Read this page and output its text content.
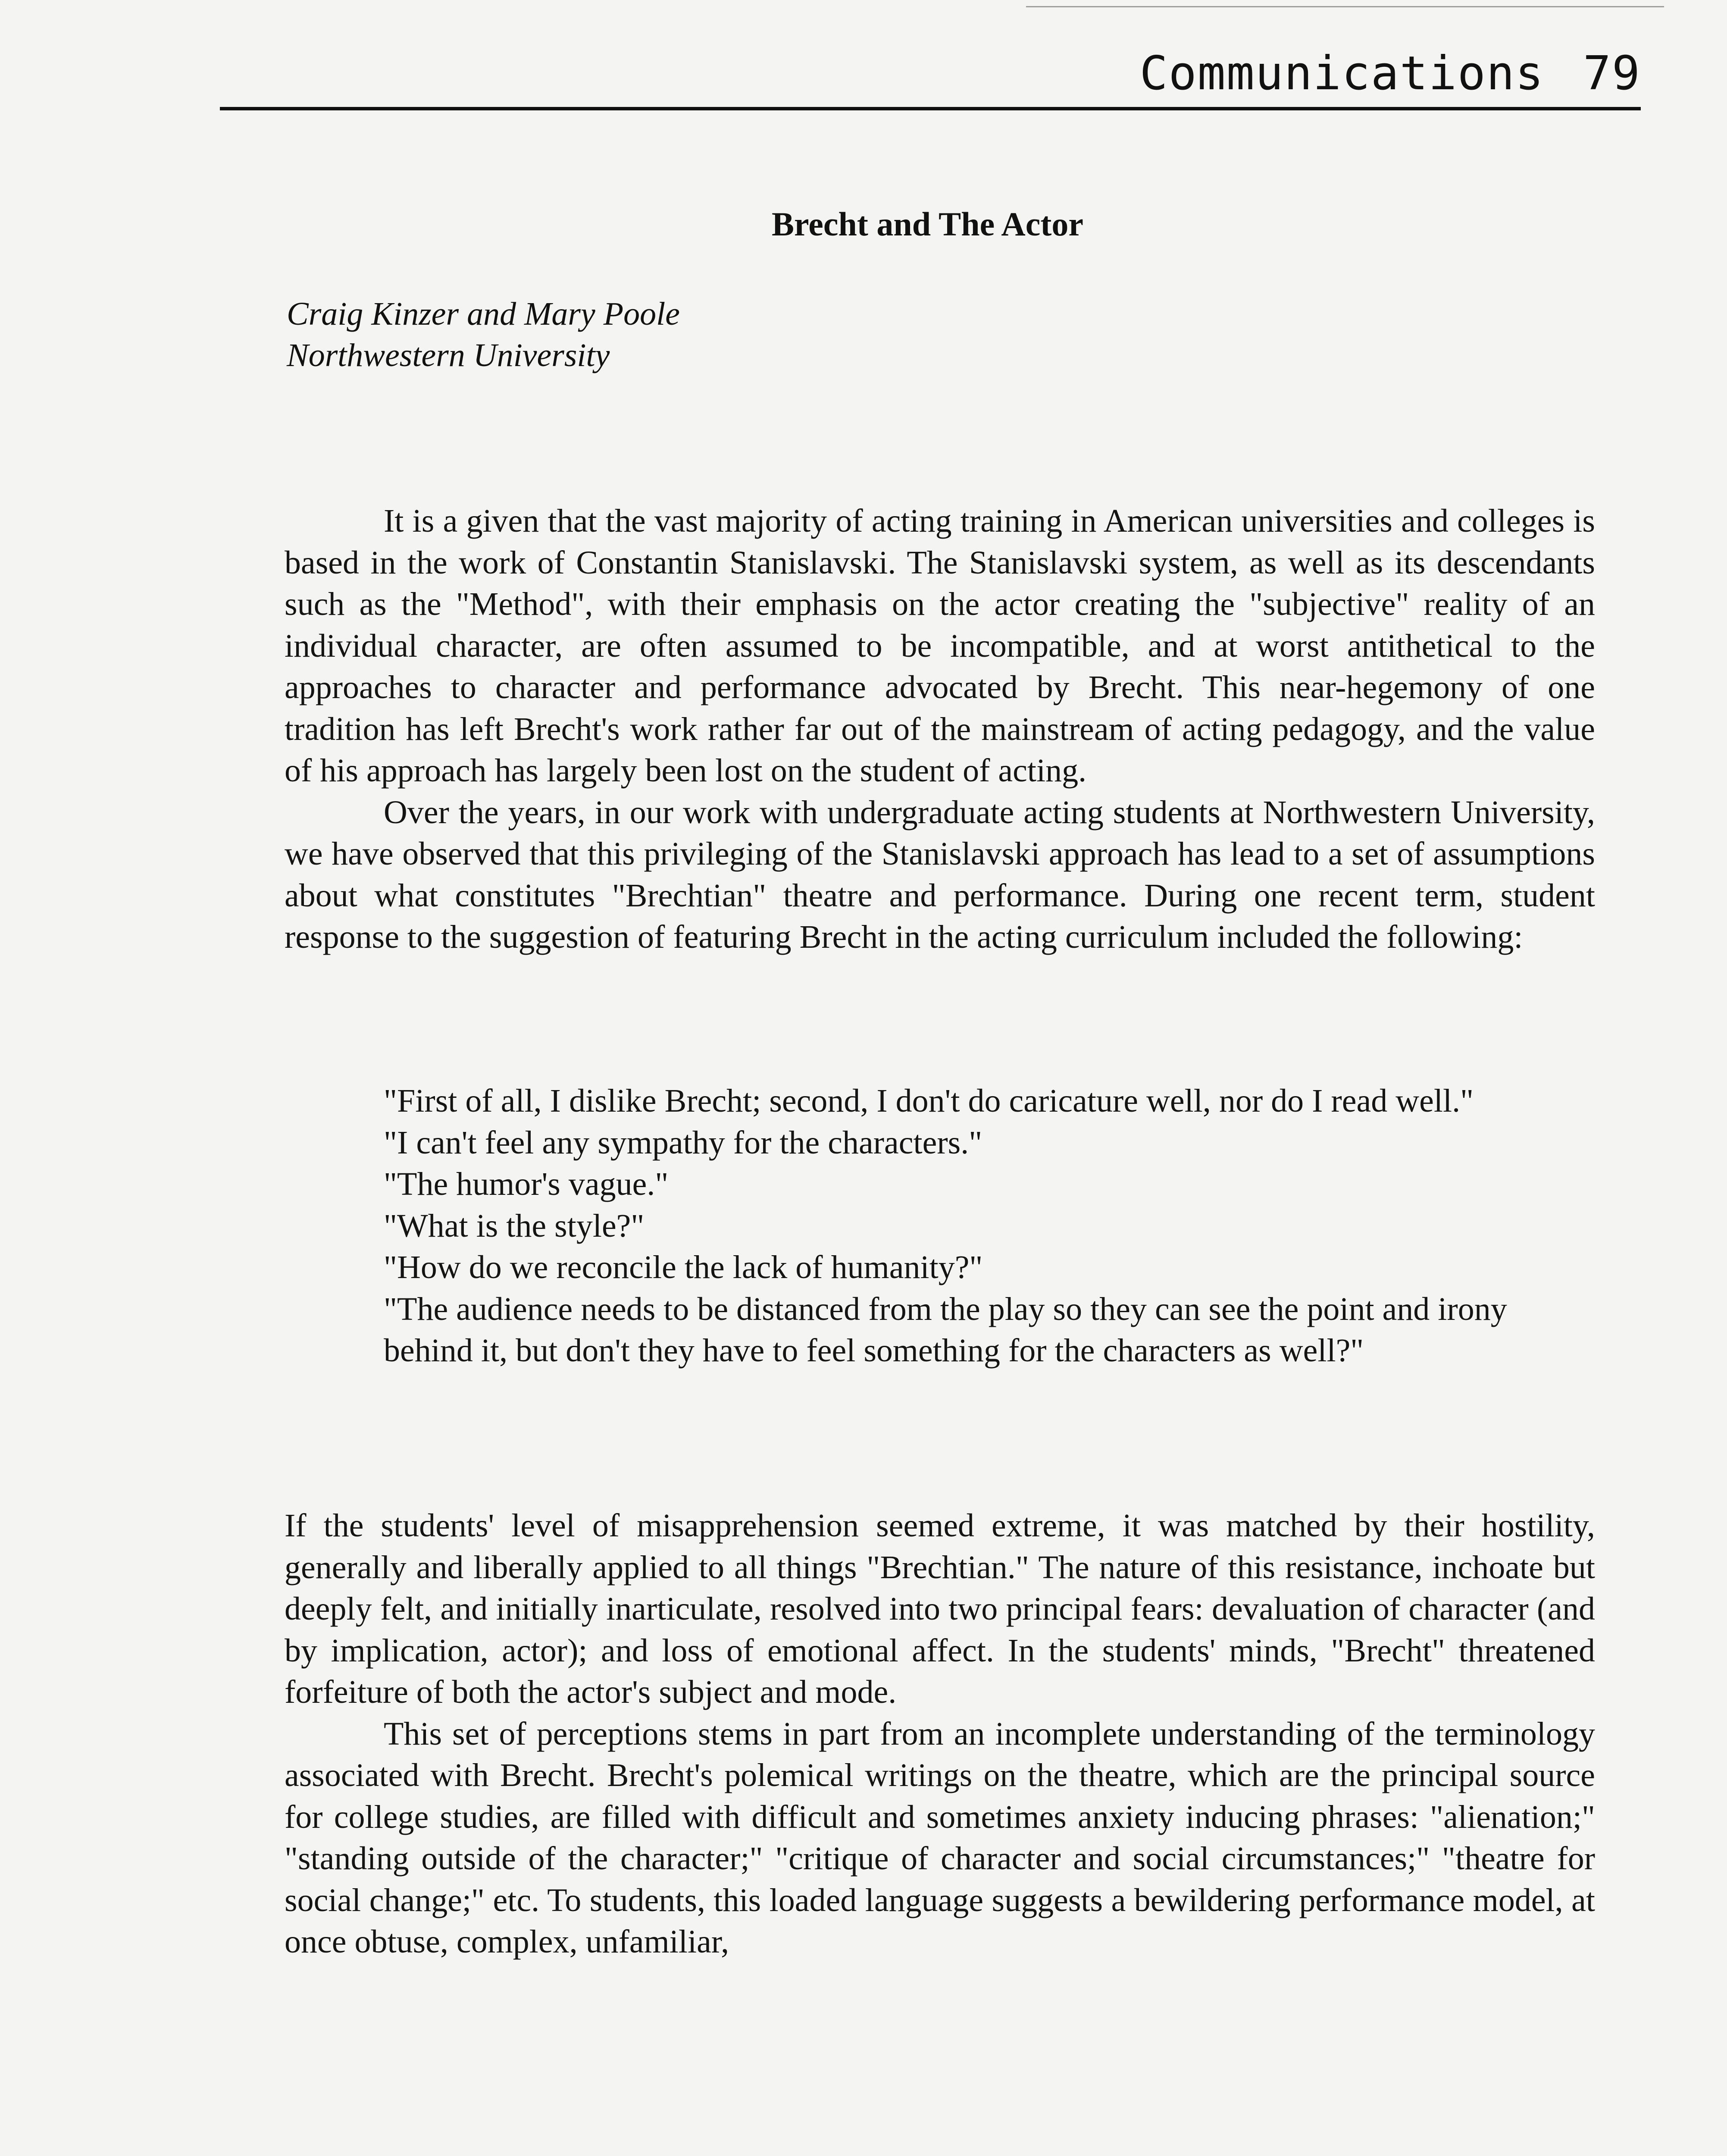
Communications 79
Brecht and The Actor
Craig Kinzer and Mary Poole
Northwestern University

It is a given that the vast majority of acting training in American universities and colleges is based in the work of Constantin Stanislavski. The Stanislavski system, as well as its descendants such as the "Method", with their emphasis on the actor creating the "subjective" reality of an individual character, are often assumed to be incompatible, and at worst antithetical to the approaches to character and performance advocated by Brecht. This near-hegemony of one tradition has left Brecht's work rather far out of the mainstream of acting pedagogy, and the value of his approach has largely been lost on the student of acting.

Over the years, in our work with undergraduate acting students at Northwestern University, we have observed that this privileging of the Stanislavski approach has lead to a set of assumptions about what constitutes "Brechtian" theatre and performance. During one recent term, student response to the suggestion of featuring Brecht in the acting curriculum included the following:

"First of all, I dislike Brecht; second, I don't do caricature well, nor do I read well."
"I can't feel any sympathy for the characters."
"The humor's vague."
"What is the style?"
"How do we reconcile the lack of humanity?"
"The audience needs to be distanced from the play so they can see the point and irony behind it, but don't they have to feel something for the characters as well?"

If the students' level of misapprehension seemed extreme, it was matched by their hostility, generally and liberally applied to all things "Brechtian." The nature of this resistance, inchoate but deeply felt, and initially inarticulate, resolved into two principal fears: devaluation of character (and by implication, actor); and loss of emotional affect. In the students' minds, "Brecht" threatened forfeiture of both the actor's subject and mode.

This set of perceptions stems in part from an incomplete understanding of the terminology associated with Brecht. Brecht's polemical writings on the theatre, which are the principal source for college studies, are filled with difficult and sometimes anxiety inducing phrases: "alienation;" "standing outside of the character;" "critique of character and social circumstances;" "theatre for social change;" etc. To students, this loaded language suggests a bewildering performance model, at once obtuse, complex, unfamiliar,
